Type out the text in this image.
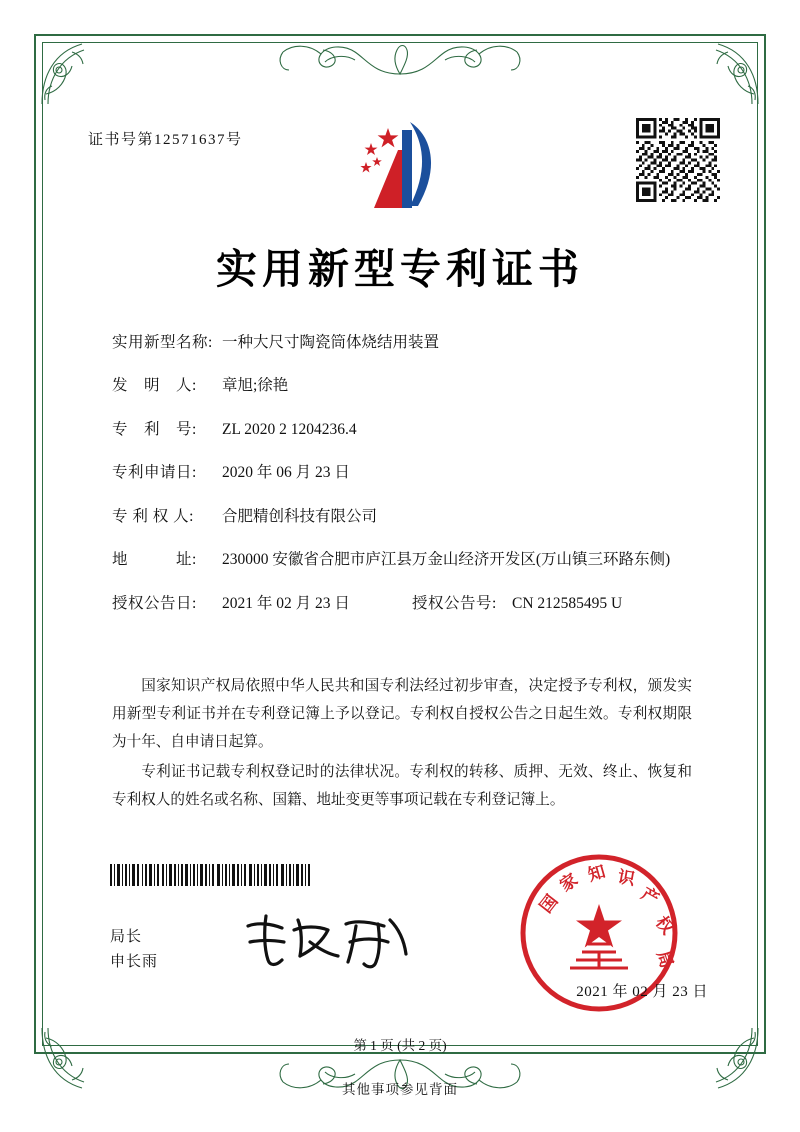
证书号第12571637号
实用新型专利证书
实用新型名称: 一种大尺寸陶瓷筒体烧结用装置
发　明　人:	章旭;徐艳
专　利　号:	ZL 2020 2 1204236.4
专利申请日:	2020 年 06 月 23 日
专 利 权 人:	合肥精创科技有限公司
地　　　址:	230000 安徽省合肥市庐江县万金山经济开发区(万山镇三环路东侧)
授权公告日:	2021 年 02 月 23 日	授权公告号: CN 212585495 U

国家知识产权局依照中华人民共和国专利法经过初步审查，决定授予专利权，颁发实用新型专利证书并在专利登记簿上予以登记。专利权自授权公告之日起生效。专利权期限为十年、自申请日起算。

专利证书记载专利权登记时的法律状况。专利权的转移、质押、无效、终止、恢复和专利权人的姓名或名称、国籍、地址变更等事项记载在专利登记簿上。

局长
申长雨
国
家 知 识
产
权
局
2021 年 02 月 23 日
第 1 页 (共 2 页)
其他事项参见背面
